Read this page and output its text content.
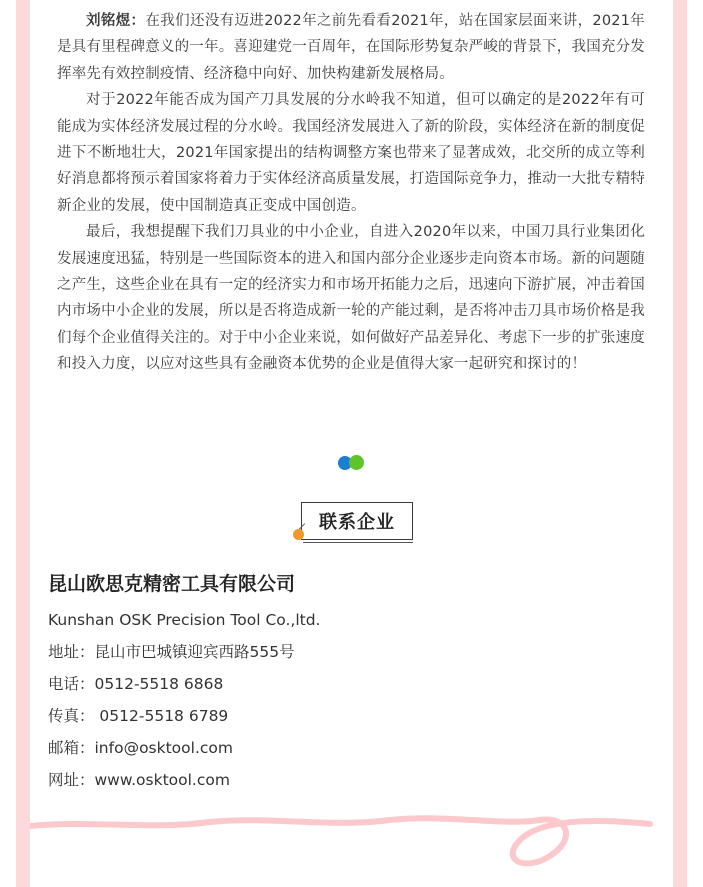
刘铭煜：在我们还没有迈进2022年之前先看看2021年，站在国家层面来讲，2021年是具有里程碑意义的一年。喜迎建党一百周年，在国际形势复杂严峻的背景下，我国充分发挥率先有效控制疫情、经济稳中向好、加快构建新发展格局。

对于2022年能否成为国产刀具发展的分水岭我不知道，但可以确定的是2022年有可能成为实体经济发展过程的分水岭。我国经济发展进入了新的阶段，实体经济在新的制度促进下不断地壮大，2021年国家提出的结构调整方案也带来了显著成效，北交所的成立等利好消息都将预示着国家将着力于实体经济高质量发展，打造国际竞争力，推动一大批专精特新企业的发展，使中国制造真正变成中国创造。

最后，我想提醒下我们刀具业的中小企业，自进入2020年以来，中国刀具行业集团化发展速度迅猛，特别是一些国际资本的进入和国内部分企业逐步走向资本市场。新的问题随之产生，这些企业在具有一定的经济实力和市场开拓能力之后，迅速向下游扩展，冲击着国内市场中小企业的发展，所以是否将造成新一轮的产能过剩，是否将冲击刀具市场价格是我们每个企业值得关注的。对于中小企业来说，如何做好产品差异化、考虑下一步的扩张速度和投入力度，以应对这些具有金融资本优势的企业是值得大家一起研究和探讨的！

联系企业
昆山欧思克精密工具有限公司
Kunshan OSK Precision Tool Co.,ltd.
地址：昆山市巴城镇迎宾西路555号
电话：0512-5518 6868
传真： 0512-5518 6789
邮箱：info@osktool.com
网址：www.osktool.com
